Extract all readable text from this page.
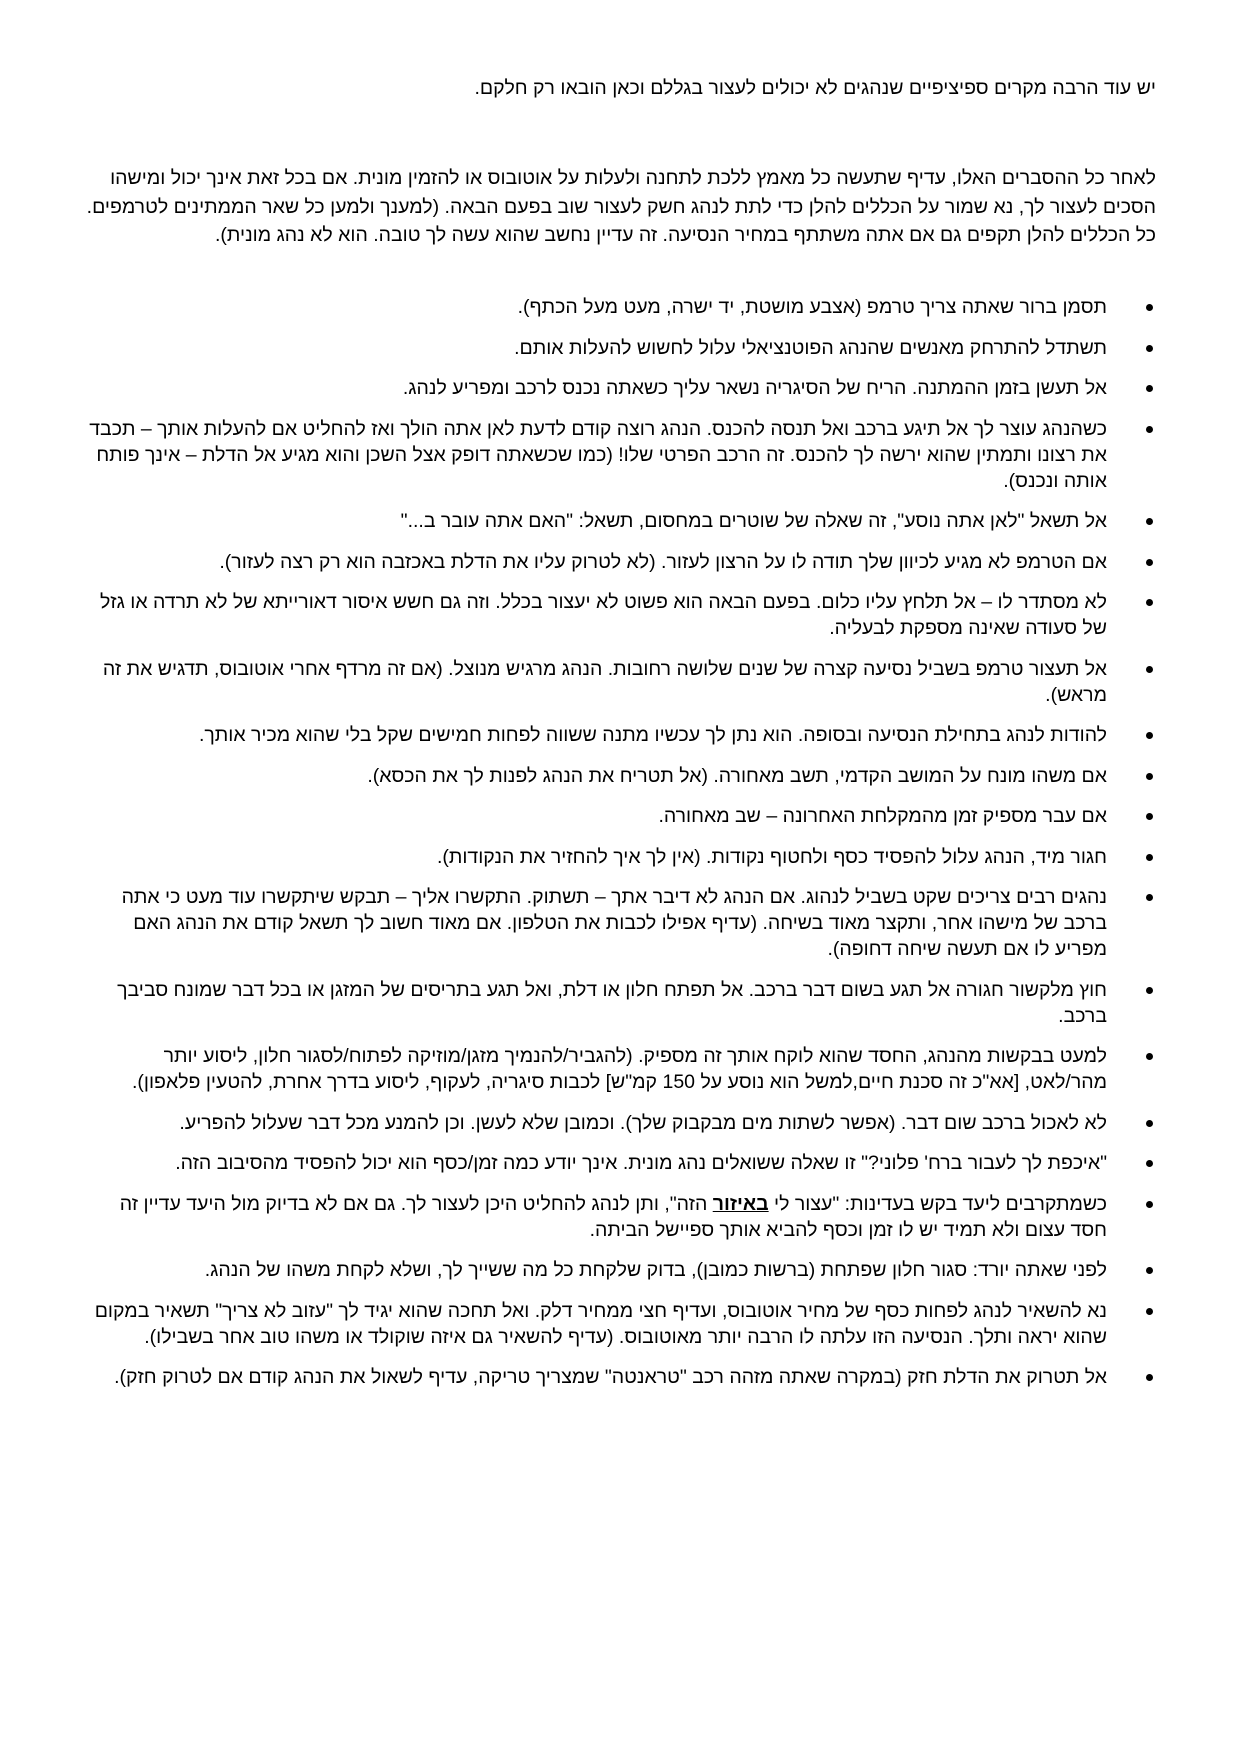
יש עוד הרבה מקרים ספיציפיים שנהגים לא יכולים לעצור בגללם וכאן הובאו רק חלקם.

לאחר כל ההסברים האלו, עדיף שתעשה כל מאמץ ללכת לתחנה ולעלות על אוטובוס או להזמין מונית. אם בכל זאת אינך יכול ומישהו הסכים לעצור לך, נא שמור על הכללים להלן כדי לתת לנהג חשק לעצור שוב בפעם הבאה. (למענך ולמען כל שאר הממתינים לטרמפים. כל הכללים להלן תקפים גם אם אתה משתתף במחיר הנסיעה. זה עדיין נחשב שהוא עשה לך טובה. הוא לא נהג מונית).

תסמן ברור שאתה צריך טרמפ (אצבע מושטת, יד ישרה, מעט מעל הכתף).
תשתדל להתרחק מאנשים שהנהג הפוטנציאלי עלול לחשוש להעלות אותם.
אל תעשן בזמן ההמתנה. הריח של הסיגריה נשאר עליך כשאתה נכנס לרכב ומפריע לנהג.
כשהנהג עוצר לך אל תיגע ברכב ואל תנסה להכנס. הנהג רוצה קודם לדעת לאן אתה הולך ואז להחליט אם להעלות אותך – תכבד את רצונו ותמתין שהוא ירשה לך להכנס. זה הרכב הפרטי שלו! (כמו שכשאתה דופק אצל השכן והוא מגיע אל הדלת – אינך פותח אותה ונכנס).
אל תשאל "לאן אתה נוסע", זה שאלה של שוטרים במחסום, תשאל: "האם אתה עובר ב..."
אם הטרמפ לא מגיע לכיוון שלך תודה לו על הרצון לעזור. (לא לטרוק עליו את הדלת באכזבה הוא רק רצה לעזור).
לא מסתדר לו – אל תלחץ עליו כלום. בפעם הבאה הוא פשוט לא יעצור בכלל. וזה גם חשש איסור דאורייתא של לא תרדה או גזל של סעודה שאינה מספקת לבעליה.
אל תעצור טרמפ בשביל נסיעה קצרה של שנים שלושה רחובות. הנהג מרגיש מנוצל. (אם זה מרדף אחרי אוטובוס, תדגיש את זה מראש).
להודות לנהג בתחילת הנסיעה ובסופה. הוא נתן לך עכשיו מתנה ששווה לפחות חמישים שקל בלי שהוא מכיר אותך.
אם משהו מונח על המושב הקדמי, תשב מאחורה. (אל תטריח את הנהג לפנות לך את הכסא).
אם עבר מספיק זמן מהמקלחת האחרונה – שב מאחורה.
חגור מיד, הנהג עלול להפסיד כסף ולחטוף נקודות. (אין לך איך להחזיר את הנקודות).
נהגים רבים צריכים שקט בשביל לנהוג. אם הנהג לא דיבר אתך – תשתוק. התקשרו אליך – תבקש שיתקשרו עוד מעט כי אתה ברכב של מישהו אחר, ותקצר מאוד בשיחה. (עדיף אפילו לכבות את הטלפון. אם מאוד חשוב לך תשאל קודם את הנהג האם מפריע לו אם תעשה שיחה דחופה).
חוץ מלקשור חגורה אל תגע בשום דבר ברכב. אל תפתח חלון או דלת, ואל תגע בתריסים של המזגן או בכל דבר שמונח סביבך ברכב.
למעט בבקשות מהנהג, החסד שהוא לוקח אותך זה מספיק. (להגביר/להנמיך מזגן/מוזיקה לפתוח/לסגור חלון, ליסוע יותר מהר/לאט, [אא"כ זה סכנת חיים,למשל הוא נוסע על 150 קמ"ש] לכבות סיגריה, לעקוף, ליסוע בדרך אחרת, להטעין פלאפון).
לא לאכול ברכב שום דבר. (אפשר לשתות מים מבקבוק שלך). וכמובן שלא לעשן. וכן להמנע מכל דבר שעלול להפריע.
"איכפת לך לעבור ברח' פלוני?" זו שאלה ששואלים נהג מונית. אינך יודע כמה זמן/כסף הוא יכול להפסיד מהסיבוב הזה.
כשמתקרבים ליעד בקש בעדינות: "עצור לי באיזור הזה", ותן לנהג להחליט היכן לעצור לך. גם אם לא בדיוק מול היעד עדיין זה חסד עצום ולא תמיד יש לו זמן וכסף להביא אותך ספיישל הביתה.
לפני שאתה יורד: סגור חלון שפתחת (ברשות כמובן), בדוק שלקחת כל מה ששייך לך, ושלא לקחת משהו של הנהג.
נא להשאיר לנהג לפחות כסף של מחיר אוטובוס, ועדיף חצי ממחיר דלק. ואל תחכה שהוא יגיד לך "עזוב לא צריך" תשאיר במקום שהוא יראה ותלך. הנסיעה הזו עלתה לו הרבה יותר מאוטובוס. (עדיף להשאיר גם איזה שוקולד או משהו טוב אחר בשבילו).
אל תטרוק את הדלת חזק (במקרה שאתה מזהה רכב "טראנטה" שמצריך טריקה, עדיף לשאול את הנהג קודם אם לטרוק חזק).
